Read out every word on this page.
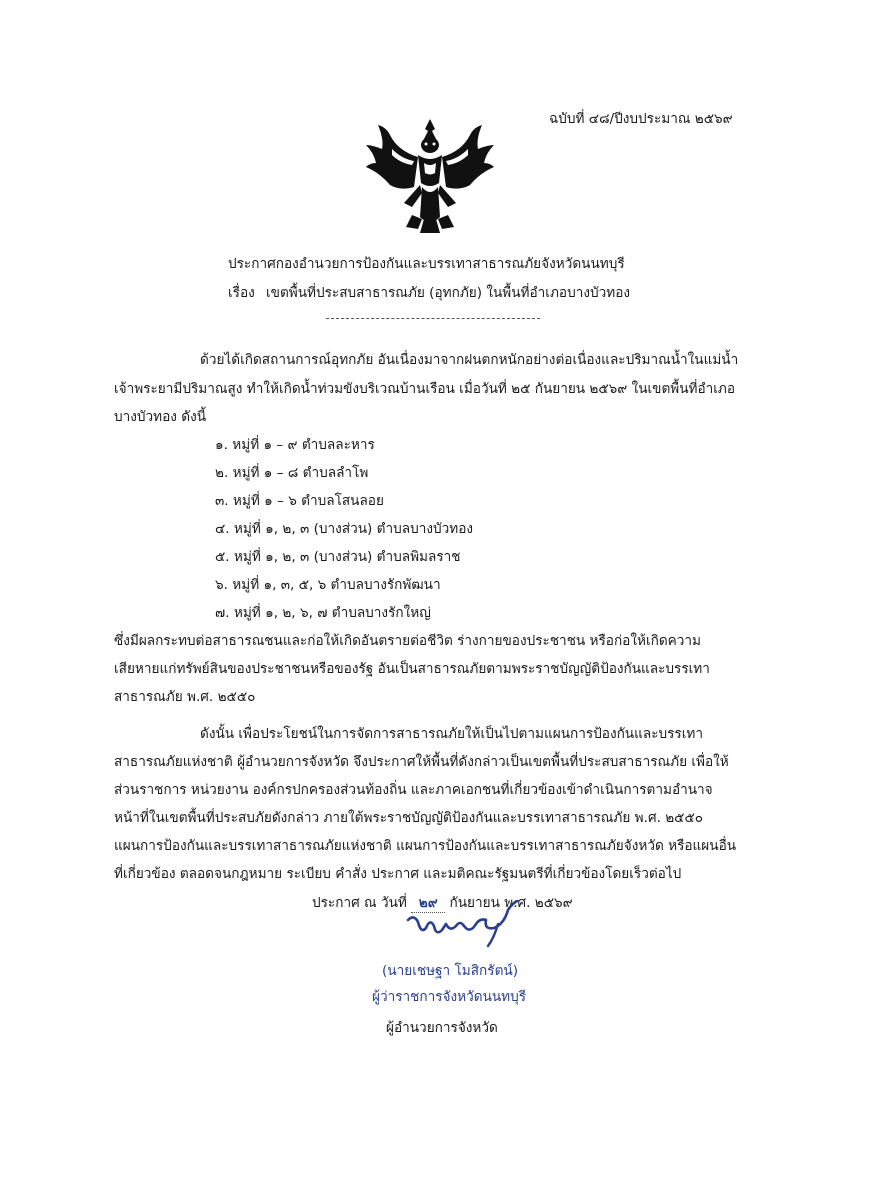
ฉบับที่ ๔๘/ปีงบประมาณ ๒๕๖๙
ประกาศกองอำนวยการป้องกันและบรรเทาสาธารณภัยจังหวัดนนทบุรี
เรื่อง เขตพื้นที่ประสบสาธารณภัย (อุทกภัย) ในพื้นที่อำเภอบางบัวทอง
ด้วยได้เกิดสถานการณ์อุทกภัย อันเนื่องมาจากฝนตกหนักอย่างต่อเนื่องและปริมาณน้ำในแม่น้ำ
เจ้าพระยามีปริมาณสูง ทำให้เกิดน้ำท่วมขังบริเวณบ้านเรือน เมื่อวันที่ ๒๕ กันยายน ๒๕๖๙ ในเขตพื้นที่อำเภอ
บางบัวทอง ดังนี้
๑. หมู่ที่ ๑ – ๙ ตำบลละหาร
๒. หมู่ที่ ๑ – ๘ ตำบลลำโพ
๓. หมู่ที่ ๑ – ๖ ตำบลโสนลอย
๔. หมู่ที่ ๑, ๒, ๓ (บางส่วน) ตำบลบางบัวทอง
๕. หมู่ที่ ๑, ๒, ๓ (บางส่วน) ตำบลพิมลราช
๖. หมู่ที่ ๑, ๓, ๕, ๖ ตำบลบางรักพัฒนา
๗. หมู่ที่ ๑, ๒, ๖, ๗ ตำบลบางรักใหญ่
ซึ่งมีผลกระทบต่อสาธารณชนและก่อให้เกิดอันตรายต่อชีวิต ร่างกายของประชาชน หรือก่อให้เกิดความ
เสียหายแก่ทรัพย์สินของประชาชนหรือของรัฐ อันเป็นสาธารณภัยตามพระราชบัญญัติป้องกันและบรรเทา
สาธารณภัย พ.ศ. ๒๕๕๐
ดังนั้น เพื่อประโยชน์ในการจัดการสาธารณภัยให้เป็นไปตามแผนการป้องกันและบรรเทา
สาธารณภัยแห่งชาติ ผู้อำนวยการจังหวัด จึงประกาศให้พื้นที่ดังกล่าวเป็นเขตพื้นที่ประสบสาธารณภัย เพื่อให้
ส่วนราชการ หน่วยงาน องค์กรปกครองส่วนท้องถิ่น และภาคเอกชนที่เกี่ยวข้องเข้าดำเนินการตามอำนาจ
หน้าที่ในเขตพื้นที่ประสบภัยดังกล่าว ภายใต้พระราชบัญญัติป้องกันและบรรเทาสาธารณภัย พ.ศ. ๒๕๕๐
แผนการป้องกันและบรรเทาสาธารณภัยแห่งชาติ แผนการป้องกันและบรรเทาสาธารณภัยจังหวัด หรือแผนอื่น
ที่เกี่ยวข้อง ตลอดจนกฎหมาย ระเบียบ คำสั่ง ประกาศ และมติคณะรัฐมนตรีที่เกี่ยวข้องโดยเร็วต่อไป
ประกาศ ณ วันที่ ๒๙ กันยายน พ.ศ. ๒๕๖๙
(นายเชษฐา โมสิกรัตน์)
ผู้ว่าราชการจังหวัดนนทบุรี
ผู้อำนวยการจังหวัด
